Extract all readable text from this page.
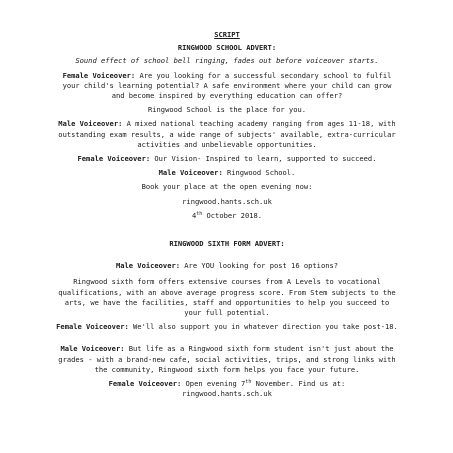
SCRIPT
RINGWOOD SCHOOL ADVERT:
Sound effect of school bell ringing, fades out before voiceover starts.
Female Voiceover: Are you looking for a successful secondary school to fulfil your child's learning potential? A safe environment where your child can grow and become inspired by everything education can offer?
Ringwood School is the place for you.
Male Voiceover: A mixed national teaching academy ranging from ages 11-18, with outstanding exam results, a wide range of subjects' available, extra-curricular activities and unbelievable opportunities.
Female Voiceover: Our Vision- Inspired to learn, supported to succeed.
Male Voiceover: Ringwood School.
Book your place at the open evening now:
ringwood.hants.sch.uk
4th October 2018.
RINGWOOD SIXTH FORM ADVERT:
Male Voiceover: Are YOU looking for post 16 options?
Ringwood sixth form offers extensive courses from A Levels to vocational qualifications, with an above average progress score. From Stem subjects to the arts, we have the facilities, staff and opportunities to help you succeed to your full potential.
Female Voiceover: We'll also support you in whatever direction you take post-18.
Male Voiceover: But life as a Ringwood sixth form student isn't just about the grades - with a brand-new cafe, social activities, trips, and strong links with the community, Ringwood sixth form helps you face your future.
Female Voiceover: Open evening 7th November. Find us at:
ringwood.hants.sch.uk
